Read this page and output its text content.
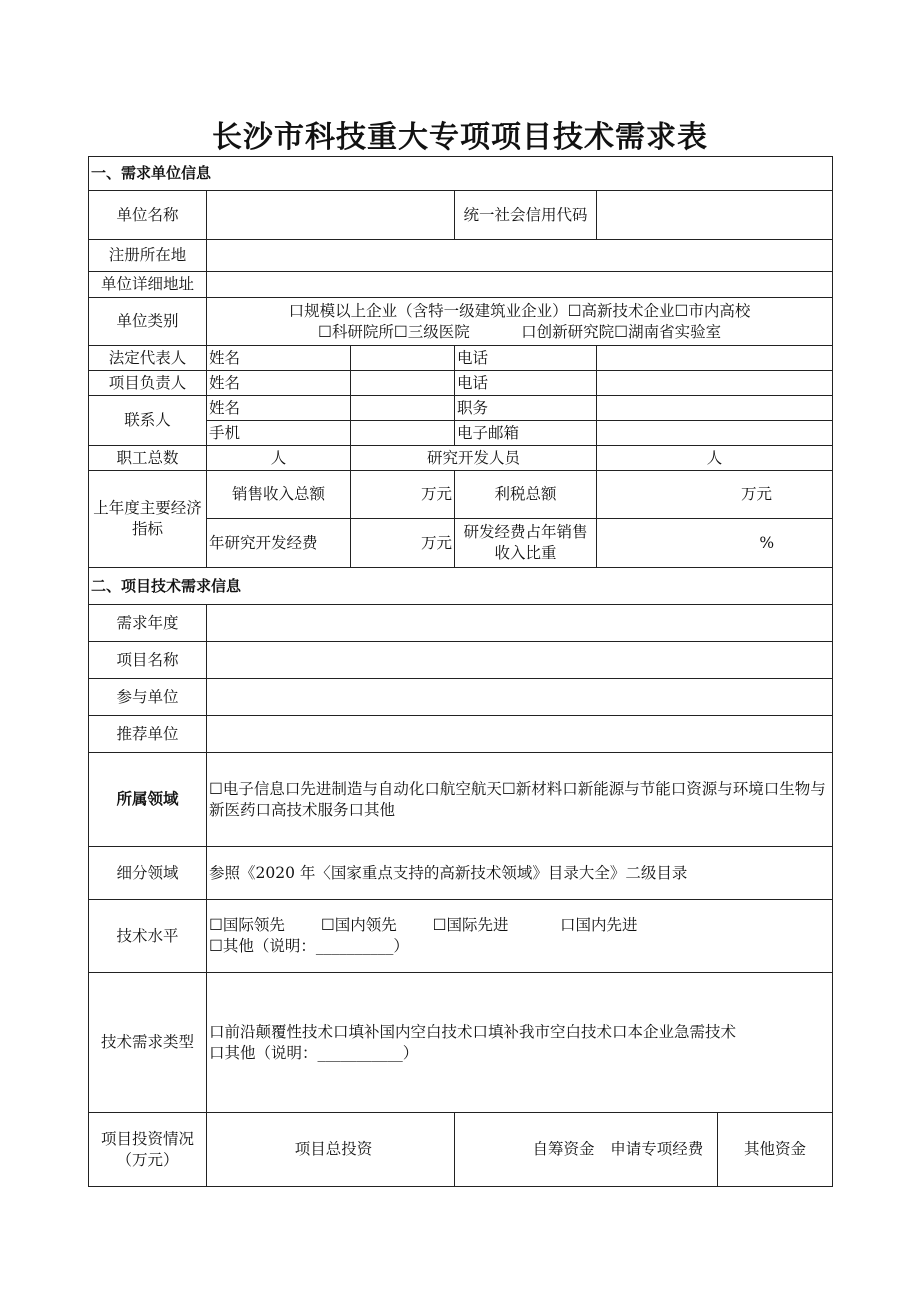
长沙市科技重大专项项目技术需求表
一、需求单位信息					
单位名称			统一社会信用代码		
注册所在地					
单位详细地址					
单位类别	口规模以上企业（含特一级建筑业企业）☐高新技术企业☐市内高校
☐科研院所☐三级医院　　　 口创新研究院☐湖南省实验室				

法定代表人	姓名		电话		
项目负责人	姓名		电话		
联系人	姓名		职务		
	手机		电子邮箱		
职工总数	人	研究开发人员		人	
上年度主要经济指标	销售收入总额	万元	利税总额	万元	
	年研究开发经费	万元	研发经费占年销售收入比重	%	
二、项目技术需求信息					
需求年度					
项目名称					
参与单位					
推荐单位					
所属领域	☐电子信息口先进制造与自动化口航空航天☐新材料口新能源与节能口资源与环境口生物与新医药口高技术服务口其他				
细分领域	参照《2020 年〈国家重点支持的高新技术领域》目录大全》二级目录				
技术水平	☐国际领先　　 ☐国内领先　　 ☐国际先进　　　 口国内先进
☐其他（说明：__________）				

技术需求类型	口前沿颠覆性技术口填补国内空白技术口填补我市空白技术口本企业急需技术　　　　　　　　 口其他（说明：___________）				
项目投资情况（万元）	项目总投资		自筹资金	申请专项经费	其他资金
